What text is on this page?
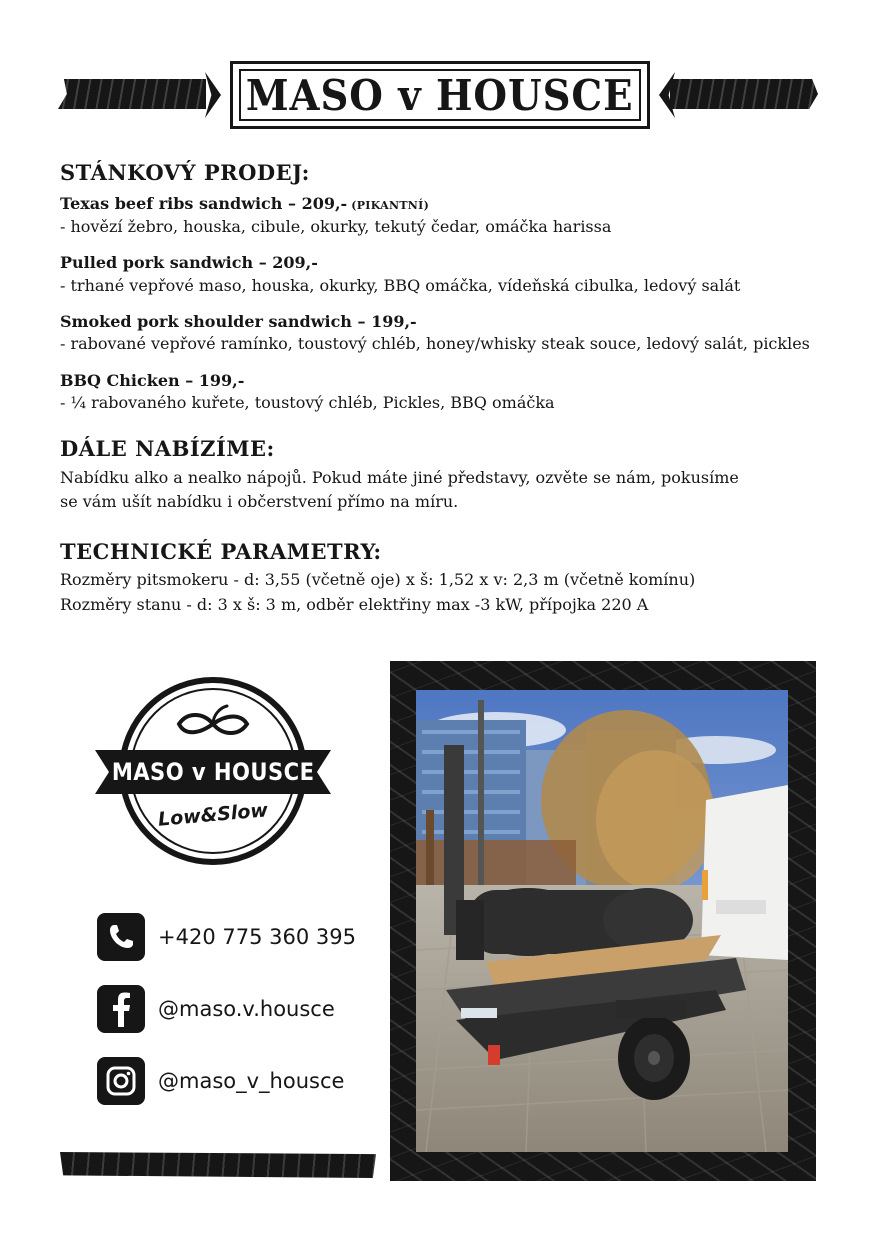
MASO v HOUSCE
STÁNKOVÝ PRODEJ:
Texas beef ribs sandwich – 209,- (PIKANTNÍ)
- hovězí žebro, houska, cibule, okurky, tekutý čedar, omáčka harissa
Pulled pork sandwich – 209,-
- trhané vepřové maso, houska, okurky, BBQ omáčka, vídeňská cibulka, ledový salát
Smoked pork shoulder sandwich – 199,-
- rabované vepřové ramínko, toustový chléb, honey/whisky steak souce, ledový salát, pickles
BBQ Chicken – 199,-
- ¼ rabovaného kuřete, toustový chléb, Pickles, BBQ omáčka
DÁLE NABÍZÍME:

Nabídku alko a nealko nápojů. Pokud máte jiné představy, ozvěte se nám, pokusíme
se vám ušít nabídku i občerstvení přímo na míru.

TECHNICKÉ PARAMETRY:

Rozměry pitsmokeru - d: 3,55 (včetně oje) x š: 1,52 x v: 2,3 m (včetně komínu)
Rozměry stanu - d: 3 x š: 3 m, odběr elektřiny max -3 kW, přípojka 220 A

MASO v HOUSCE
Low&Slow
+420 775 360 395
@maso.v.housce
@maso_v_housce
